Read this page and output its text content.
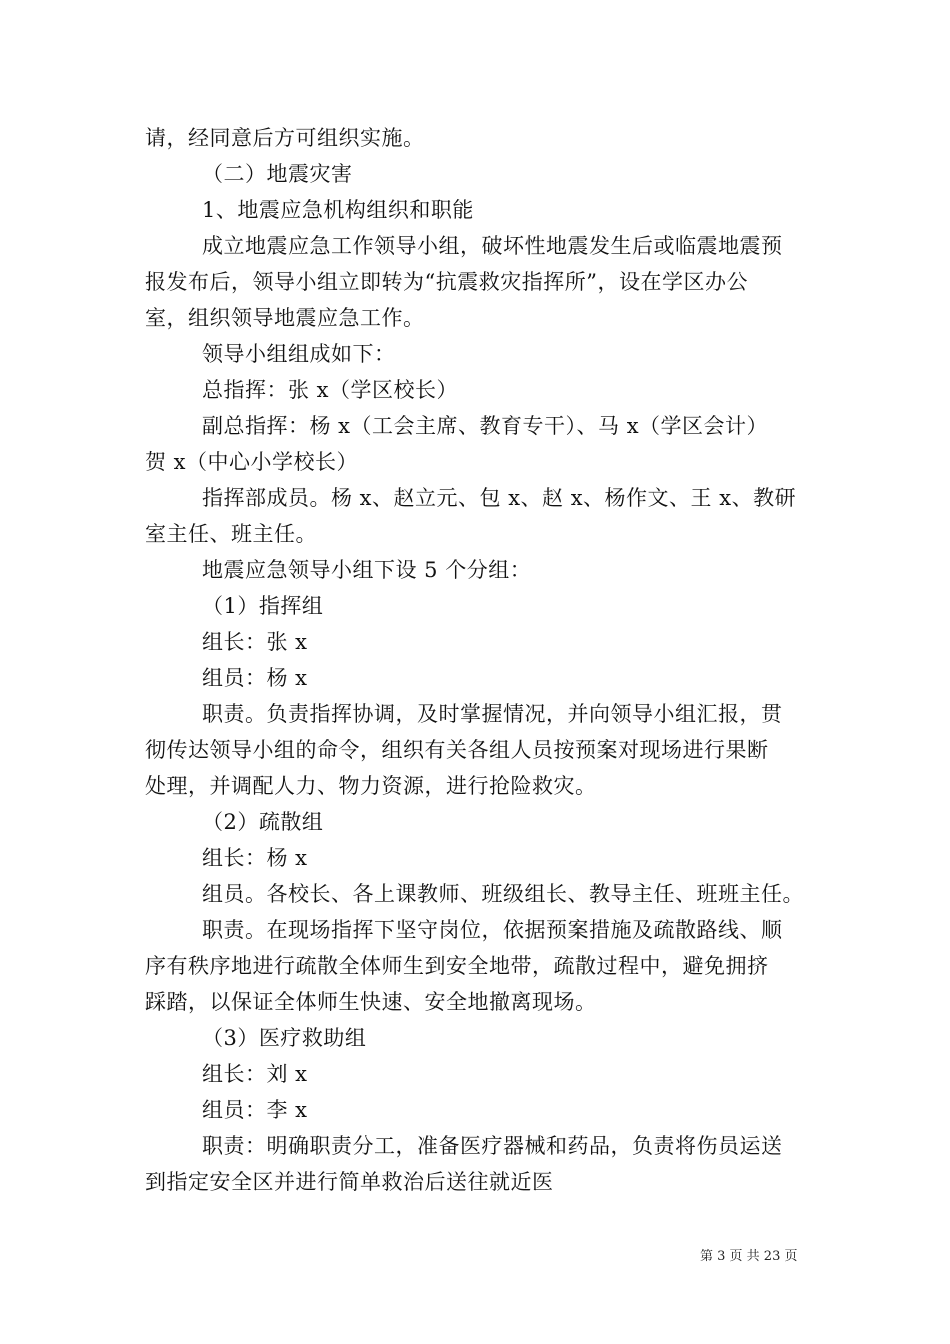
请，经同意后方可组织实施。
（二）地震灾害
1、地震应急机构组织和职能
成立地震应急工作领导小组，破坏性地震发生后或临震地震预
报发布后，领导小组立即转为“抗震救灾指挥所”，设在学区办公
室，组织领导地震应急工作。
领导小组组成如下：
总指挥：张 x（学区校长）
副总指挥：杨 x（工会主席、教育专干）、马 x（学区会计）
贺 x（中心小学校长）
指挥部成员。杨 x、赵立元、包 x、赵 x、杨作文、王 x、教研
室主任、班主任。
地震应急领导小组下设 5 个分组：
（1）指挥组
组长：张 x
组员：杨 x
职责。负责指挥协调，及时掌握情况，并向领导小组汇报，贯
彻传达领导小组的命令，组织有关各组人员按预案对现场进行果断
处理，并调配人力、物力资源，进行抢险救灾。
（2）疏散组
组长：杨 x
组员。各校长、各上课教师、班级组长、教导主任、班班主任。
职责。在现场指挥下坚守岗位，依据预案措施及疏散路线、顺
序有秩序地进行疏散全体师生到安全地带，疏散过程中，避免拥挤
踩踏，以保证全体师生快速、安全地撤离现场。
（3）医疗救助组
组长：刘 x
组员：李 x
职责：明确职责分工，准备医疗器械和药品，负责将伤员运送
到指定安全区并进行简单救治后送往就近医
第 3 页 共 23 页
